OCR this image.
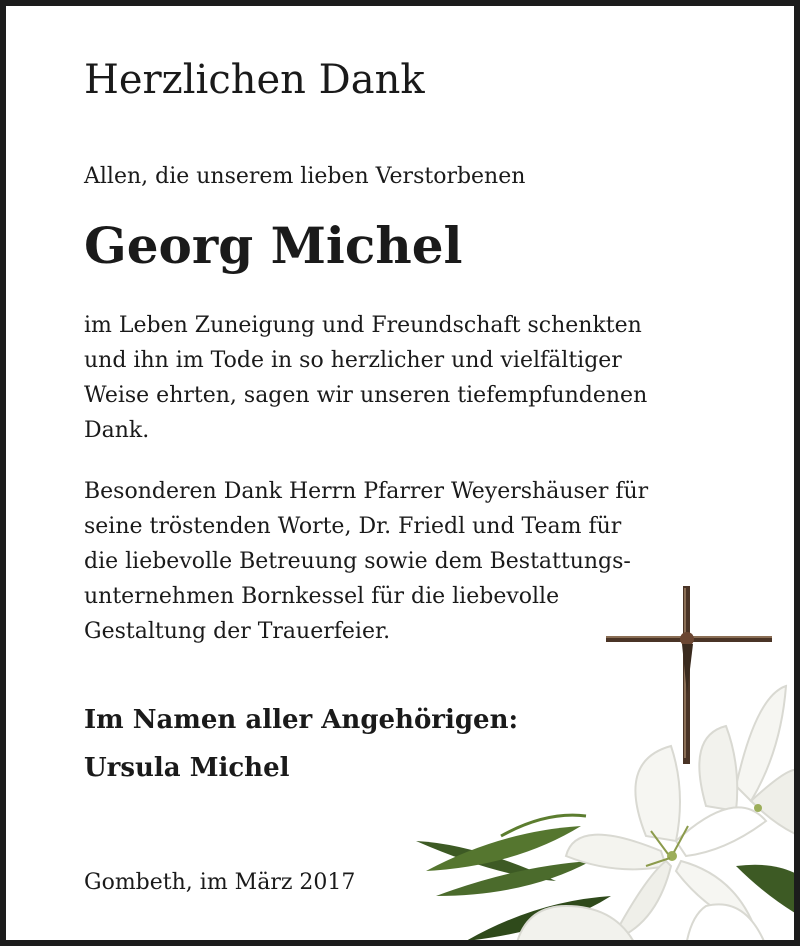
Herzlichen Dank
Allen, die unserem lieben Verstorbenen
Georg Michel
im Leben Zuneigung und Freundschaft schenkten
und ihn im Tode in so herzlicher und vielfältiger
Weise ehrten, sagen wir unseren tiefempfundenen
Dank.
Besonderen Dank Herrn Pfarrer Weyershäuser für
seine tröstenden Worte, Dr. Friedl und Team für
die liebevolle Betreuung sowie dem Bestattungs-
unternehmen Bornkessel für die liebevolle
Gestaltung der Trauerfeier.
Im Namen aller Angehörigen:
Ursula Michel
Gombeth, im März 2017
